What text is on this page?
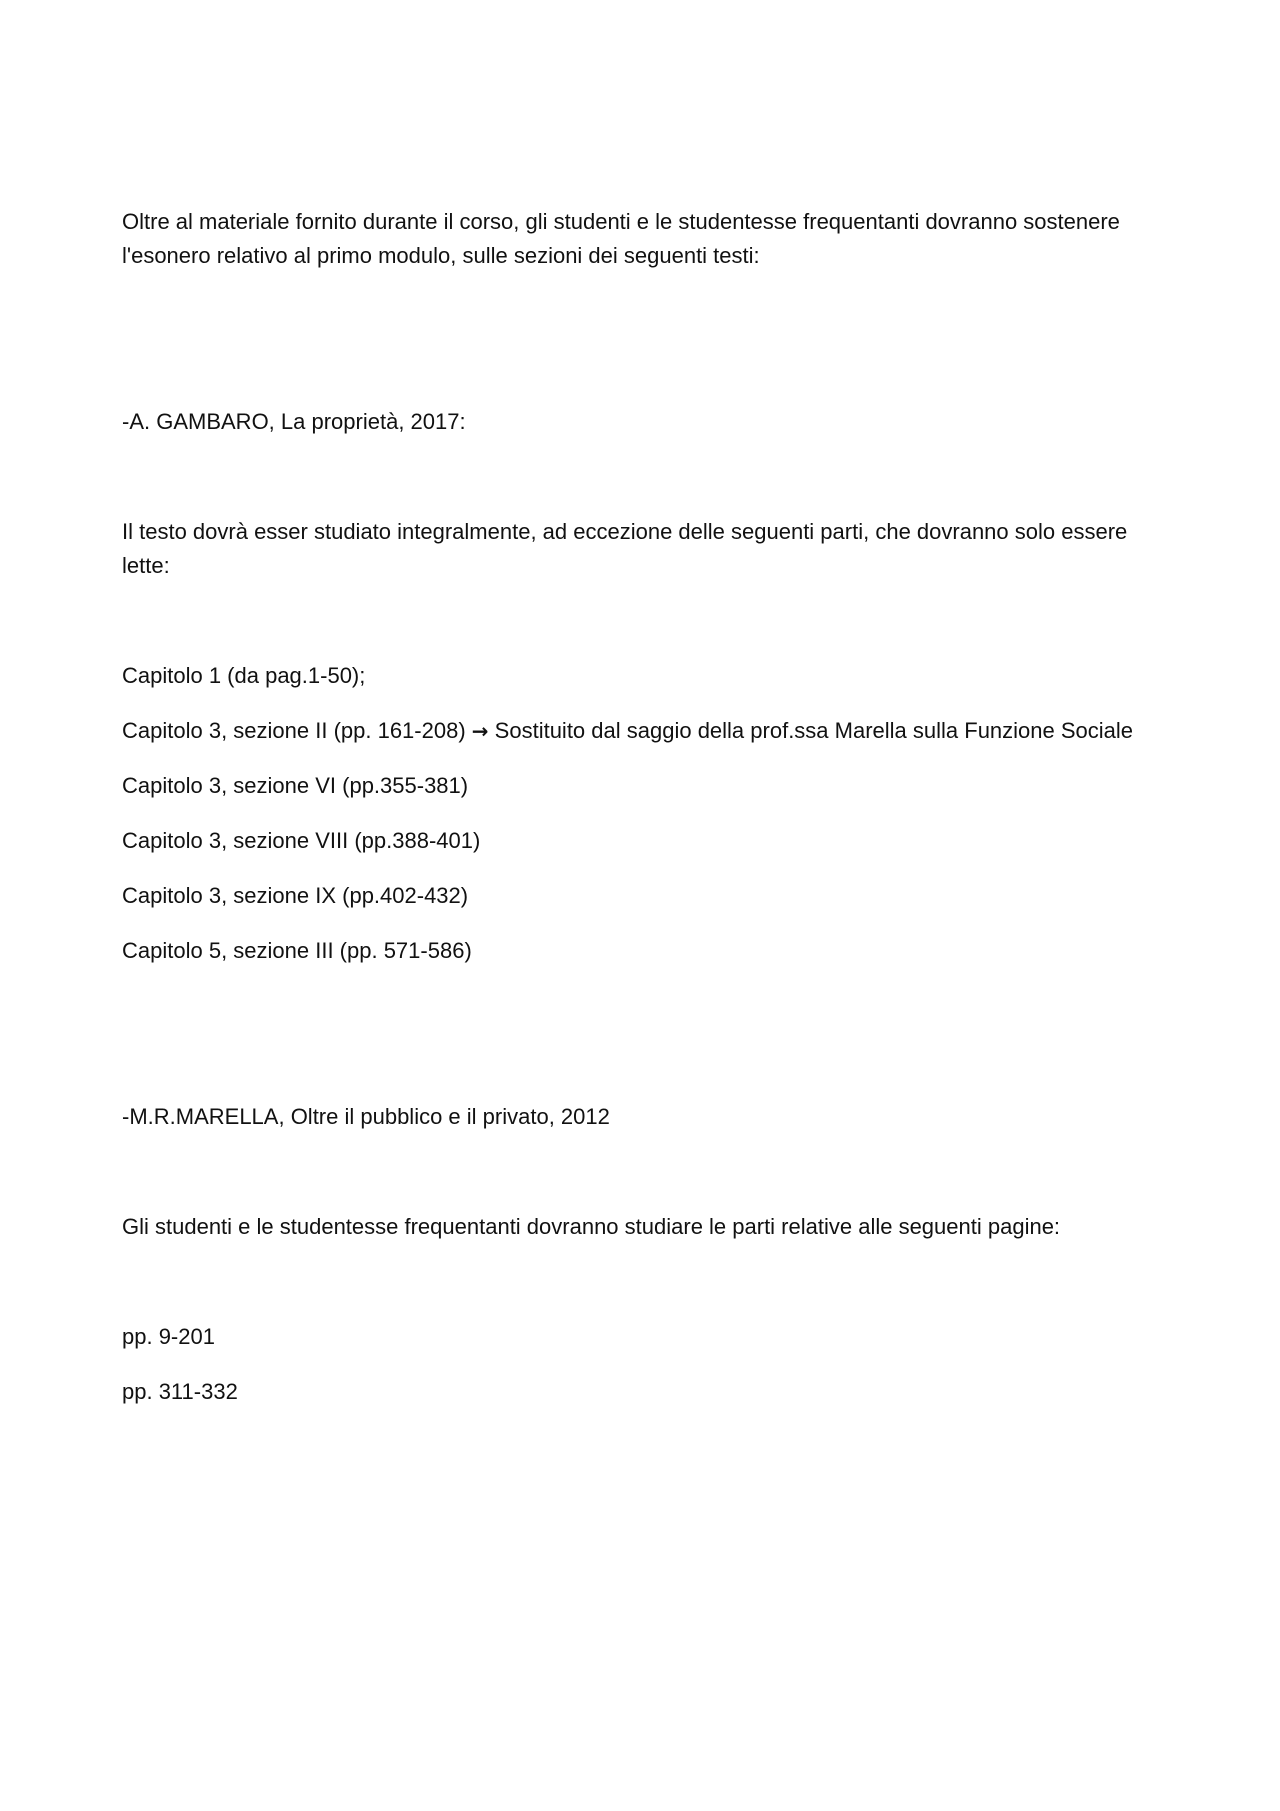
Oltre al materiale fornito durante il corso, gli studenti e le studentesse frequentanti dovranno sostenere l'esonero relativo al primo modulo, sulle sezioni dei seguenti testi:

-A. GAMBARO, La proprietà, 2017:

Il testo dovrà esser studiato integralmente, ad eccezione delle seguenti parti, che dovranno solo essere lette:

Capitolo 1 (da pag.1-50);

Capitolo 3, sezione II (pp. 161-208) → Sostituito dal saggio della prof.ssa Marella sulla Funzione Sociale

Capitolo 3, sezione VI (pp.355-381)

Capitolo 3, sezione VIII (pp.388-401)

Capitolo 3, sezione IX (pp.402-432)

Capitolo 5, sezione III (pp. 571-586)

-M.R.MARELLA, Oltre il pubblico e il privato, 2012

Gli studenti e le studentesse frequentanti dovranno studiare le parti relative alle seguenti pagine:

pp. 9-201

pp. 311-332
